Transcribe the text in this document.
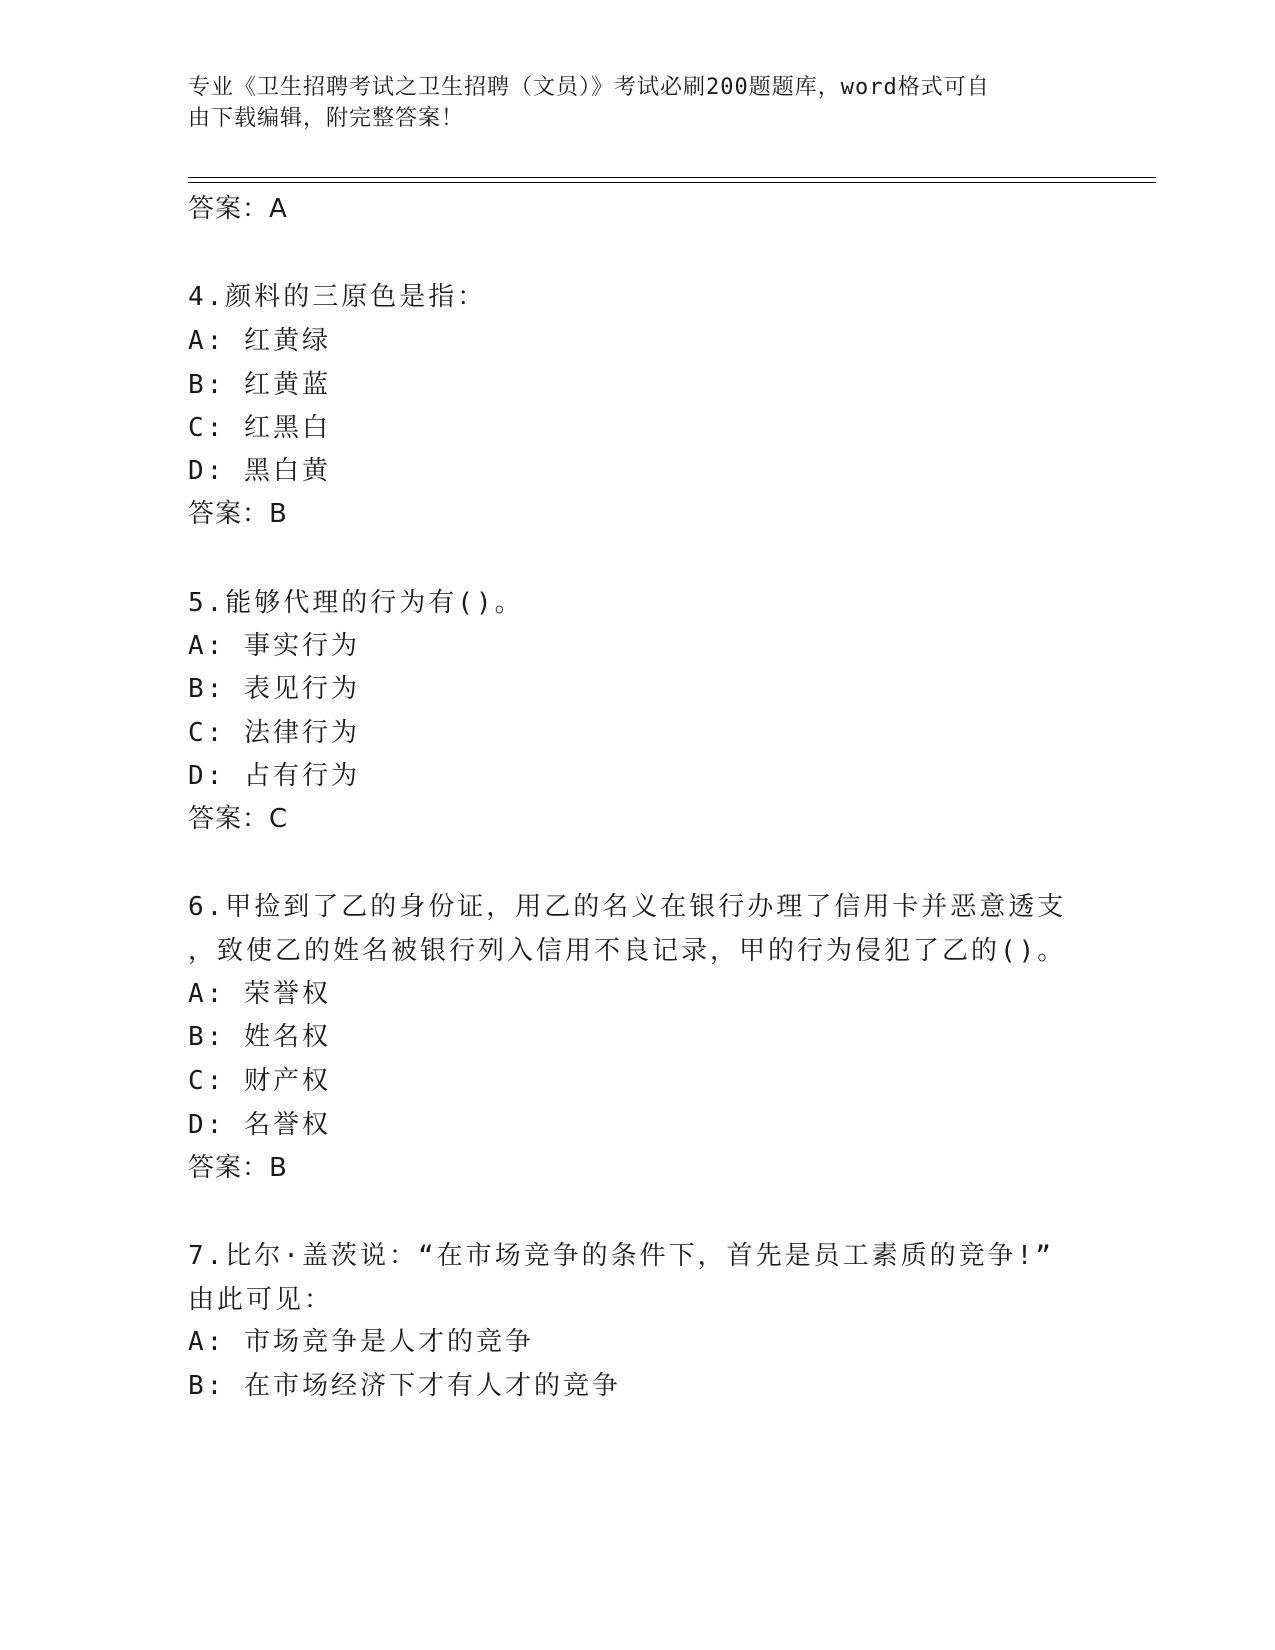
专业《卫生招聘考试之卫生招聘（文员）》考试必刷200题题库，word格式可自
由下载编辑，附完整答案！
答案：A
4.颜料的三原色是指：
A: 红黄绿
B: 红黄蓝
C: 红黑白
D: 黑白黄
答案：B
5.能够代理的行为有()。
A: 事实行为
B: 表见行为
C: 法律行为
D: 占有行为
答案：C
6.甲捡到了乙的身份证，用乙的名义在银行办理了信用卡并恶意透支
，致使乙的姓名被银行列入信用不良记录，甲的行为侵犯了乙的()。
A: 荣誉权
B: 姓名权
C: 财产权
D: 名誉权
答案：B
7.比尔·盖茨说：“在市场竞争的条件下，首先是员工素质的竞争!”
由此可见：
A: 市场竞争是人才的竞争
B: 在市场经济下才有人才的竞争
